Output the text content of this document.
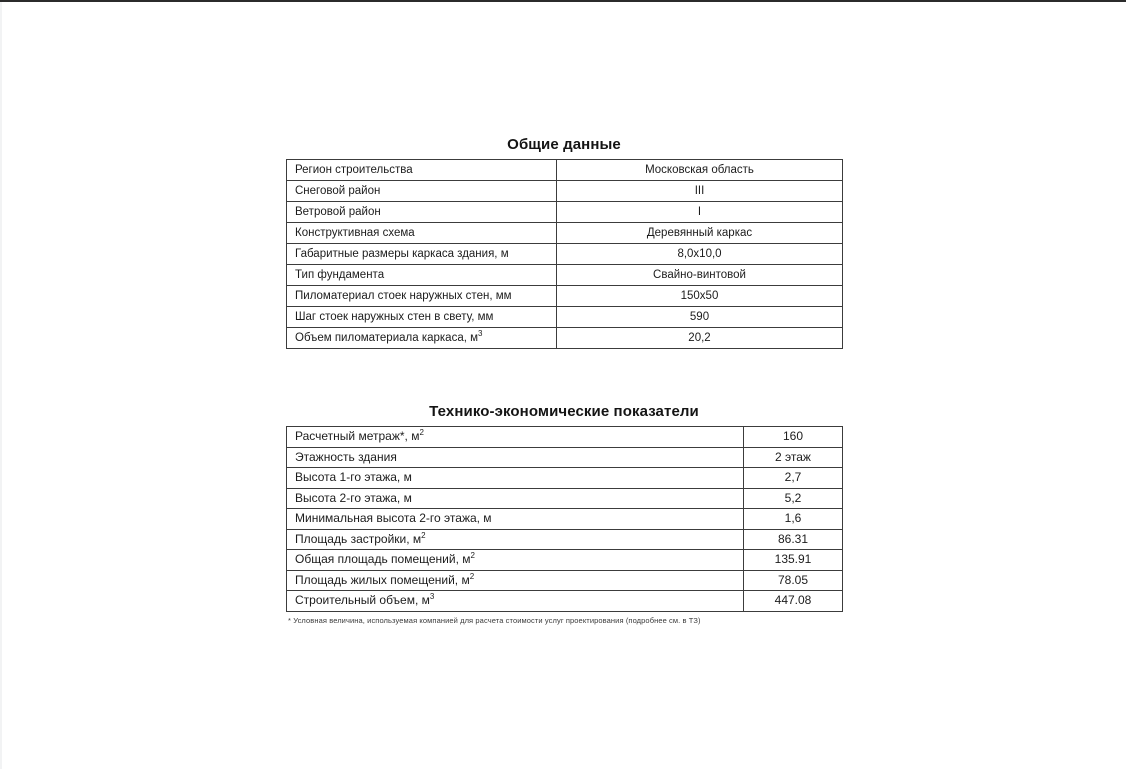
Общие данные
Регион строительства	Московская область
Снеговой район	III
Ветровой район	I
Конструктивная схема	Деревянный каркас
Габаритные размеры каркаса здания, м	8,0x10,0
Тип фундамента	Свайно-винтовой
Пиломатериал стоек наружных стен, мм	150x50
Шаг стоек наружных стен в свету, мм	590
Объем пиломатериала каркаса, $м^3$	20,2
Технико-экономические показатели
Расчетный метраж*, $м^2$	160
Этажность здания	2 этаж
Высота 1-го этажа, м	2,7
Высота 2-го этажа, м	5,2
Минимальная высота 2-го этажа, м	1,6
Площадь застройки, $м^2$	86.31
Общая площадь помещений, $м^2$	135.91
Площадь жилых помещений, $м^2$	78.05
Строительный объем, $м^3$	447.08
* Условная величина, используемая компанией для расчета стоимости услуг проектирования (подробнее см. в ТЗ)
